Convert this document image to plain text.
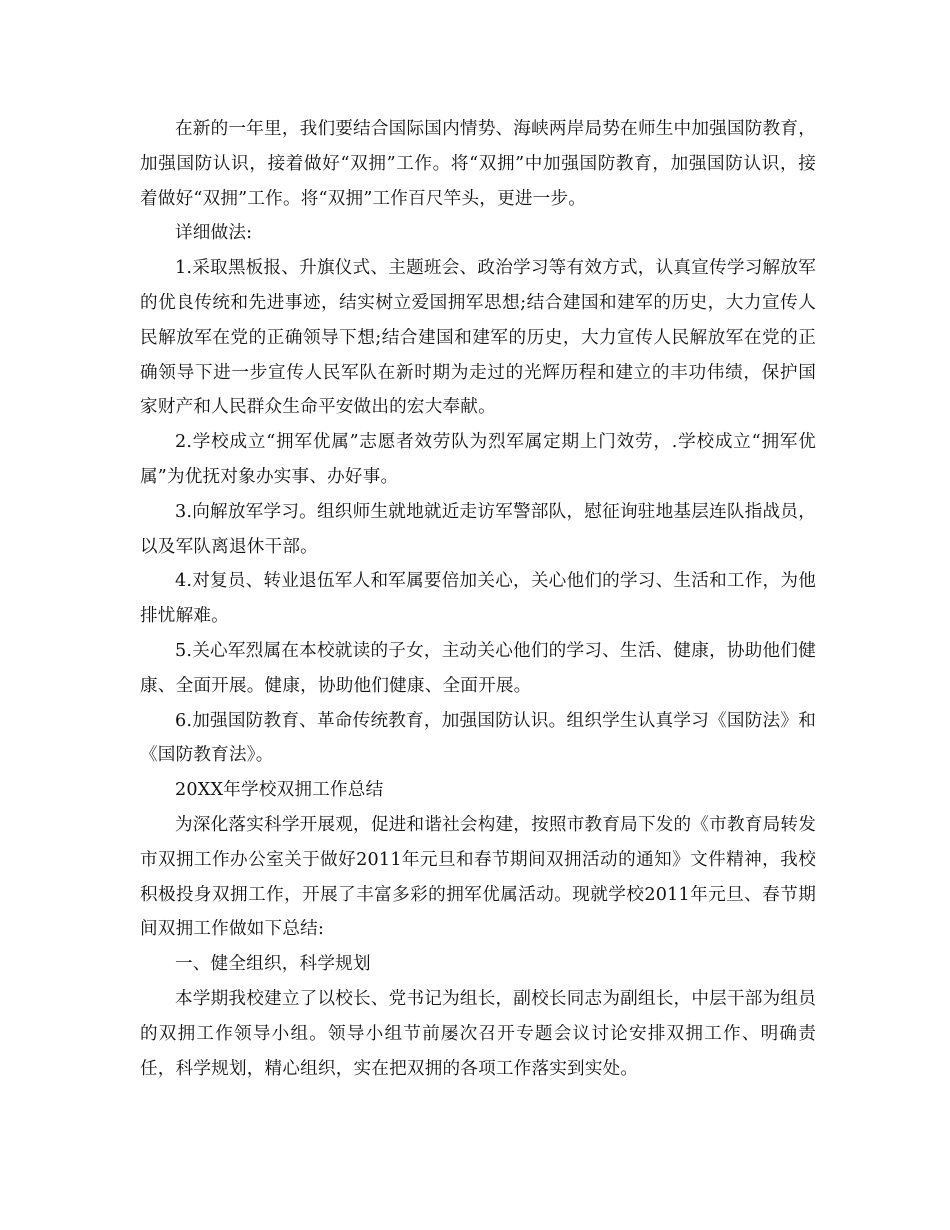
在新的一年里，我们要结合国际国内情势、海峡两岸局势在师生中加强国防教育，加强国防认识，接着做好“双拥”工作。将“双拥”中加强国防教育，加强国防认识，接着做好“双拥”工作。将“双拥”工作百尺竿头，更进一步。

详细做法:

1.采取黑板报、升旗仪式、主题班会、政治学习等有效方式，认真宣传学习解放军的优良传统和先进事迹，结实树立爱国拥军思想;结合建国和建军的历史，大力宣传人民解放军在党的正确领导下想;结合建国和建军的历史，大力宣传人民解放军在党的正确领导下进一步宣传人民军队在新时期为走过的光辉历程和建立的丰功伟绩，保护国家财产和人民群众生命平安做出的宏大奉献。

2.学校成立“拥军优属”志愿者效劳队为烈军属定期上门效劳，.学校成立“拥军优属”为优抚对象办实事、办好事。

3.向解放军学习。组织师生就地就近走访军警部队，慰征询驻地基层连队指战员，以及军队离退休干部。

4.对复员、转业退伍军人和军属要倍加关心，关心他们的学习、生活和工作，为他排忧解难。

5.关心军烈属在本校就读的子女，主动关心他们的学习、生活、健康，协助他们健康、全面开展。健康，协助他们健康、全面开展。

6.加强国防教育、革命传统教育，加强国防认识。组织学生认真学习《国防法》和《国防教育法》。

20XX年学校双拥工作总结

为深化落实科学开展观，促进和谐社会构建，按照市教育局下发的《市教育局转发市双拥工作办公室关于做好2011年元旦和春节期间双拥活动的通知》文件精神，我校积极投身双拥工作，开展了丰富多彩的拥军优属活动。现就学校2011年元旦、春节期间双拥工作做如下总结:

一、健全组织，科学规划

本学期我校建立了以校长、党书记为组长，副校长同志为副组长，中层干部为组员的双拥工作领导小组。领导小组节前屡次召开专题会议讨论安排双拥工作、明确责任，科学规划，精心组织，实在把双拥的各项工作落实到实处。
